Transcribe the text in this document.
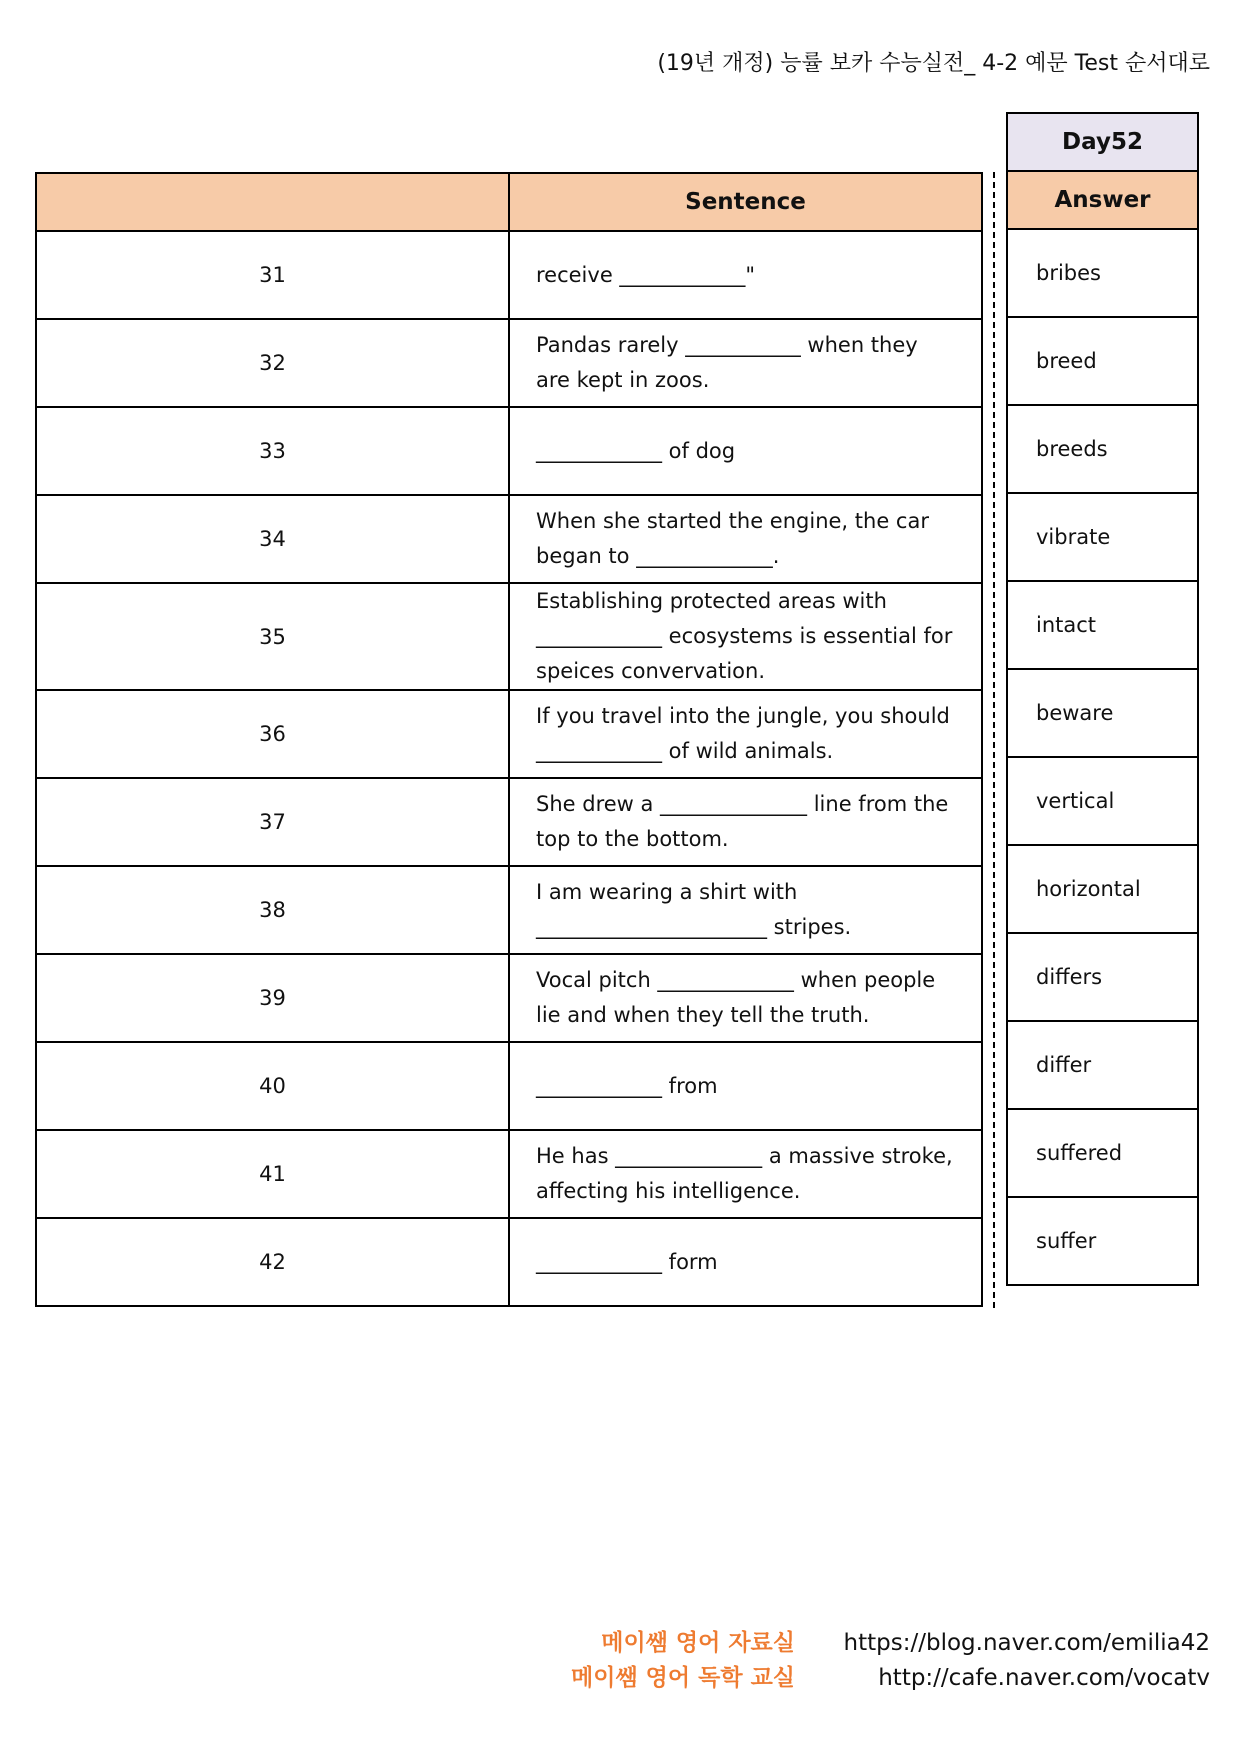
(19년 개정) 능률 보카 수능실전_ 4-2 예문 Test 순서대로
	Sentence
31	receive ____________"
32	Pandas rarely ___________ when they are kept in zoos.
33	____________ of dog
34	When she started the engine, the car began to _____________.
35	Establishing protected areas with ____________ ecosystems is essential for speices convervation.
36	If you travel into the jungle, you should ____________ of wild animals.
37	She drew a ______________ line from the top to the bottom.
38	I am wearing a shirt with ______________________ stripes.
39	Vocal pitch _____________ when people lie and when they tell the truth.
40	____________ from
41	He has ______________ a massive stroke, affecting his intelligence.
42	____________ form
Day52
Answer
bribes
breed
breeds
vibrate
intact
beware
vertical
horizontal
differs
differ
suffered
suffer
메이쌤 영어 자료실
메이쌤 영어 독학 교실
https://blog.naver.com/emilia42
http://cafe.naver.com/vocatv
